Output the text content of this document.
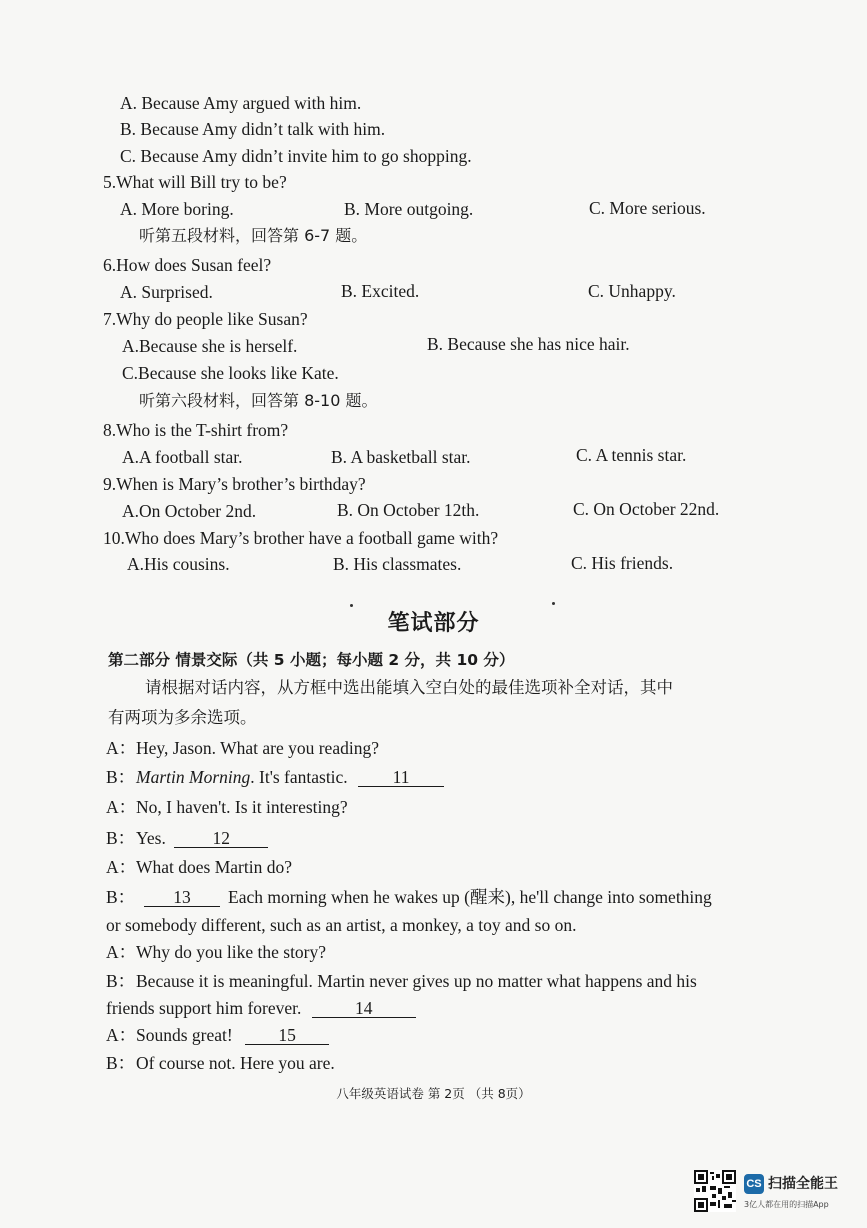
A. Because Amy argued with him.
B. Because Amy didn’t talk with him.
C. Because Amy didn’t invite him to go shopping.
5.What will Bill try to be?
A. More boring.	B. More outgoing.	C. More serious.
听第五段材料，回答第 6-7 题。
6.How does Susan feel?
A. Surprised.	B. Excited.	C. Unhappy.
7.Why do people like Susan?
A.Because she is herself.	B. Because she has nice hair.
C.Because she looks like Kate.
听第六段材料，回答第 8-10 题。
8.Who is the T-shirt from?
A.A football star.	B. A basketball star.	C. A tennis star.
9.When is Mary’s brother’s birthday?
A.On October 2nd.	B. On October 12th.	C. On October 22nd.
10.Who does Mary’s brother have a football game with?
A.His cousins.	B. His classmates.	C. His friends.
笔试部分
第二部分 情景交际（共 5 小题；每小题 2 分，共 10 分）
请根据对话内容，从方框中选出能填入空白处的最佳选项补全对话，其中
有两项为多余选项。
A：Hey, Jason. What are you reading?
B：Martin Morning. It's fantastic.	11
A：No, I haven't. Is it interesting?
B：Yes.	12
A：What does Martin do?
B： 13 Each morning when he wakes up (醒来), he'll change into something
or somebody different, such as an artist, a monkey, a toy and so on.
A：Why do you like the story?
B：Because it is meaningful. Martin never gives up no matter what happens and his
friends support him forever.	14
A：Sounds great!	15
B：Of course not. Here you are.
八年级英语试卷 第 2页 （共 8页）
CS 扫描全能王
3亿人都在用的扫描App
